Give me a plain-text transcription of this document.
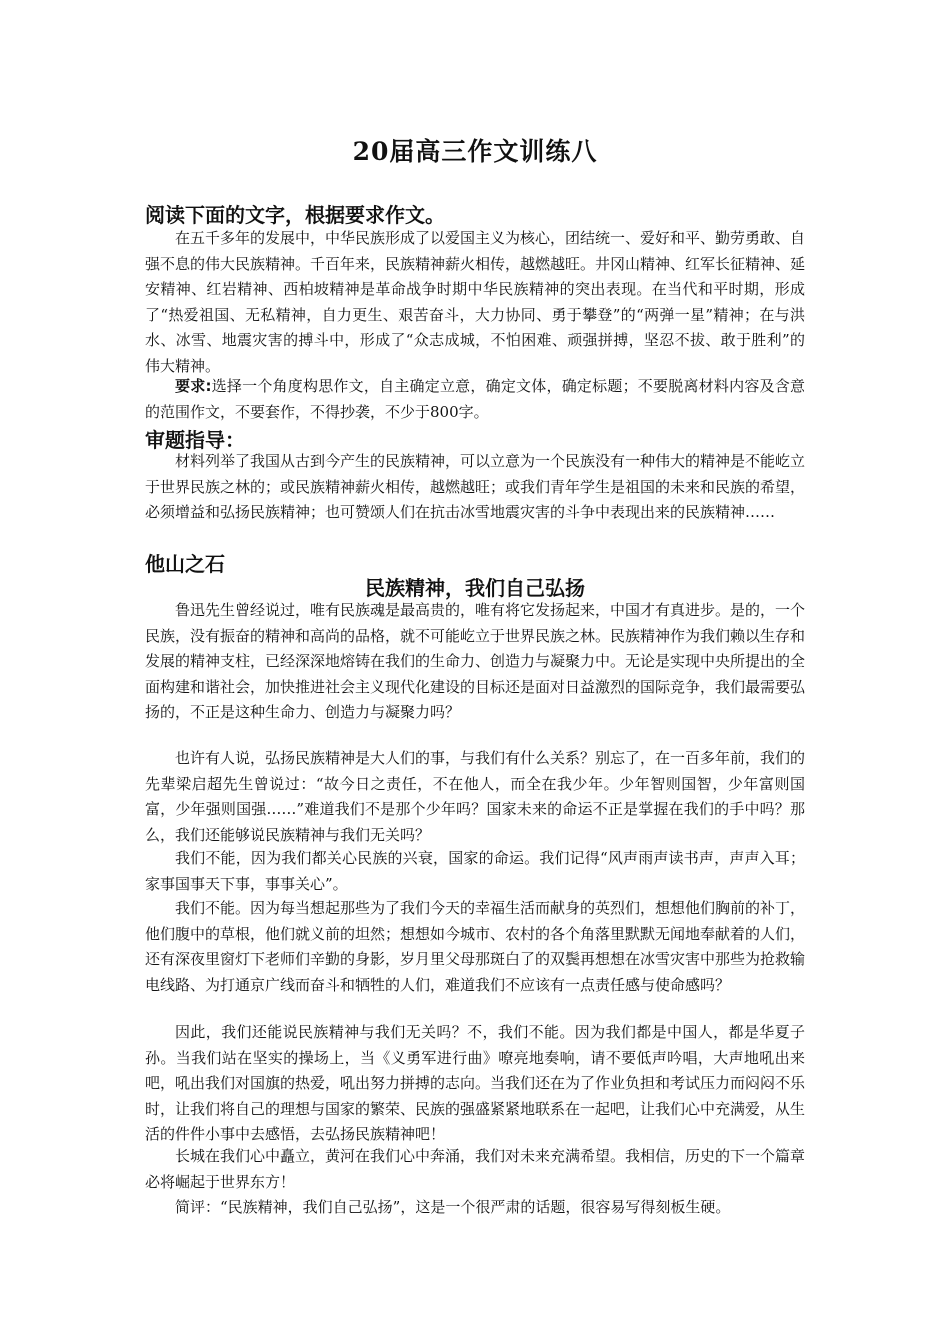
20届高三作文训练八
阅读下面的文字，根据要求作文。

在五千多年的发展中，中华民族形成了以爱国主义为核心，团结统一、爱好和平、勤劳勇敢、自强不息的伟大民族精神。千百年来，民族精神薪火相传，越燃越旺。井冈山精神、红军长征精神、延安精神、红岩精神、西柏坡精神是革命战争时期中华民族精神的突出表现。在当代和平时期，形成了“热爱祖国、无私精神，自力更生、艰苦奋斗，大力协同、勇于攀登”的“两弹一星”精神；在与洪水、冰雪、地震灾害的搏斗中，形成了“众志成城，不怕困难、顽强拼搏，坚忍不拔、敢于胜利”的伟大精神。

要求:选择一个角度构思作文，自主确定立意，确定文体，确定标题；不要脱离材料内容及含意的范围作文，不要套作，不得抄袭，不少于800字。

审题指导：

材料列举了我国从古到今产生的民族精神，可以立意为一个民族没有一种伟大的精神是不能屹立于世界民族之林的；或民族精神薪火相传，越燃越旺；或我们青年学生是祖国的未来和民族的希望，必须增益和弘扬民族精神；也可赞颂人们在抗击冰雪地震灾害的斗争中表现出来的民族精神……

他山之石
民族精神，我们自己弘扬

鲁迅先生曾经说过，唯有民族魂是最高贵的，唯有将它发扬起来，中国才有真进步。是的，一个民族，没有振奋的精神和高尚的品格，就不可能屹立于世界民族之林。民族精神作为我们赖以生存和发展的精神支柱，已经深深地熔铸在我们的生命力、创造力与凝聚力中。无论是实现中央所提出的全面构建和谐社会，加快推进社会主义现代化建设的目标还是面对日益激烈的国际竞争，我们最需要弘扬的，不正是这种生命力、创造力与凝聚力吗？

也许有人说，弘扬民族精神是大人们的事，与我们有什么关系？别忘了，在一百多年前，我们的先辈梁启超先生曾说过：“故今日之责任，不在他人，而全在我少年。少年智则国智，少年富则国富，少年强则国强……”难道我们不是那个少年吗？国家未来的命运不正是掌握在我们的手中吗？那么，我们还能够说民族精神与我们无关吗？

我们不能，因为我们都关心民族的兴衰，国家的命运。我们记得“风声雨声读书声，声声入耳；家事国事天下事，事事关心”。

我们不能。因为每当想起那些为了我们今天的幸福生活而献身的英烈们，想想他们胸前的补丁，他们腹中的草根，他们就义前的坦然；想想如今城市、农村的各个角落里默默无闻地奉献着的人们，还有深夜里窗灯下老师们辛勤的身影，岁月里父母那斑白了的双鬓再想想在冰雪灾害中那些为抢救输电线路、为打通京广线而奋斗和牺牲的人们，难道我们不应该有一点责任感与使命感吗？

因此，我们还能说民族精神与我们无关吗？不，我们不能。因为我们都是中国人，都是华夏子孙。当我们站在坚实的操场上，当《义勇军进行曲》嘹亮地奏响，请不要低声吟唱，大声地吼出来吧，吼出我们对国旗的热爱，吼出努力拼搏的志向。当我们还在为了作业负担和考试压力而闷闷不乐时，让我们将自己的理想与国家的繁荣、民族的强盛紧紧地联系在一起吧，让我们心中充满爱，从生活的件件小事中去感悟，去弘扬民族精神吧！

长城在我们心中矗立，黄河在我们心中奔涌，我们对未来充满希望。我相信，历史的下一个篇章必将崛起于世界东方！

简评：“民族精神，我们自己弘扬”，这是一个很严肃的话题，很容易写得刻板生硬。
